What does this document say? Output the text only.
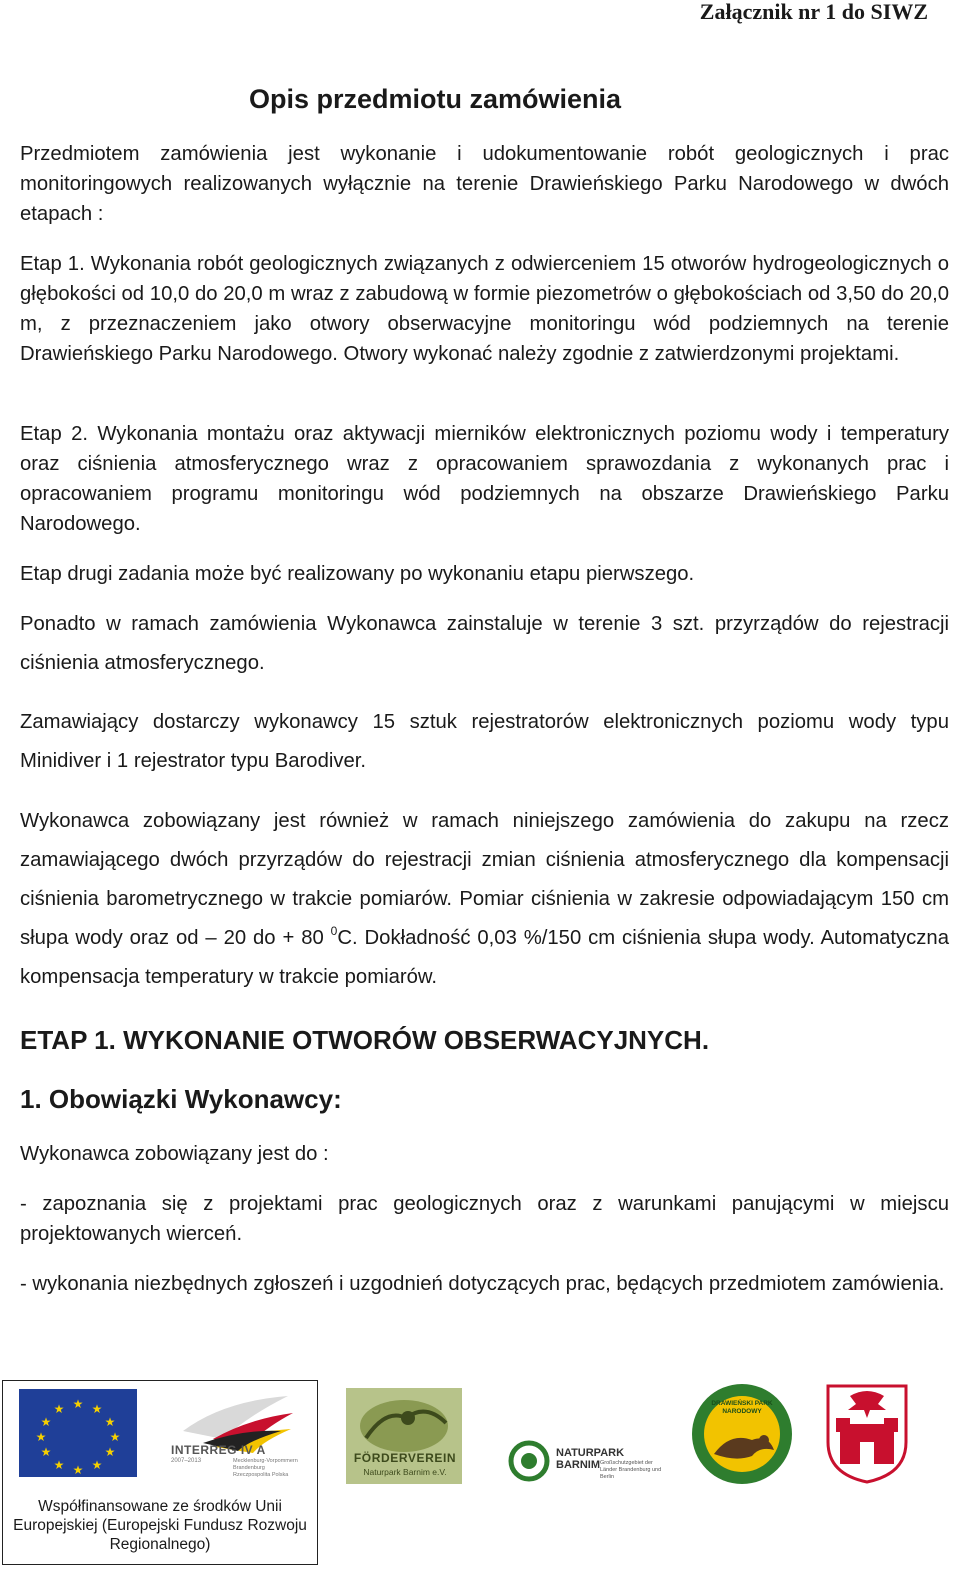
Załącznik nr 1 do SIWZ
Opis przedmiotu zamówienia

Przedmiotem zamówienia jest wykonanie i udokumentowanie robót geologicznych i prac monitoringowych realizowanych wyłącznie na terenie Drawieńskiego Parku Narodowego w dwóch etapach :

Etap 1. Wykonania robót geologicznych związanych z odwierceniem 15 otworów hydrogeologicznych o głębokości od 10,0 do 20,0 m wraz z zabudową w formie piezometrów o głębokościach od 3,50 do 20,0 m, z przeznaczeniem jako otwory obserwacyjne monitoringu wód podziemnych na terenie Drawieńskiego Parku Narodowego. Otwory wykonać należy zgodnie z zatwierdzonymi projektami.

Etap 2. Wykonania montażu oraz aktywacji mierników elektronicznych poziomu wody i temperatury oraz ciśnienia atmosferycznego wraz z opracowaniem sprawozdania z wykonanych prac i opracowaniem programu monitoringu wód podziemnych na obszarze Drawieńskiego Parku Narodowego.

Etap drugi zadania może być realizowany po wykonaniu etapu pierwszego.

Ponadto w ramach zamówienia Wykonawca zainstaluje w terenie 3 szt. przyrządów do rejestracji ciśnienia atmosferycznego.

Zamawiający dostarczy wykonawcy 15 sztuk rejestratorów elektronicznych poziomu wody typu Minidiver i 1 rejestrator typu Barodiver.

Wykonawca zobowiązany jest również w ramach niniejszego zamówienia do zakupu na rzecz zamawiającego dwóch przyrządów do rejestracji zmian ciśnienia atmosferycznego dla kompensacji ciśnienia barometrycznego w trakcie pomiarów. Pomiar ciśnienia w zakresie odpowiadającym 150 cm słupa wody oraz od – 20 do + 80 $^0$C. Dokładność 0,03 %/150 cm ciśnienia słupa wody. Automatyczna kompensacja temperatury w trakcie pomiarów.

ETAP 1. WYKONANIE OTWORÓW OBSERWACYJNYCH.
1. Obowiązki Wykonawcy:

Wykonawca zobowiązany jest do :

- zapoznania się z projektami prac geologicznych oraz z warunkami panującymi w miejscu projektowanych wierceń.

- wykonania niezbędnych zgłoszeń i uzgodnień dotyczących prac, będących przedmiotem zamówienia.

★ ★
★
★
★
★
★
★
★
★
★
★
INTERREG IV A
2007–2013	Mecklenburg-Vorpommern
Brandenburg
Rzeczpospolita Polska
Współfinansowane ze środków Unii Europejskiej (Europejski Fundusz Rozwoju Regionalnego)
FÖRDERVEREIN
Naturpark Barnim e.V.
NATURPARK
BARNIM Großschutzgebiet der Länder Brandenburg und Berlin
DRAWIEŃSKI PARK NARODOWY
